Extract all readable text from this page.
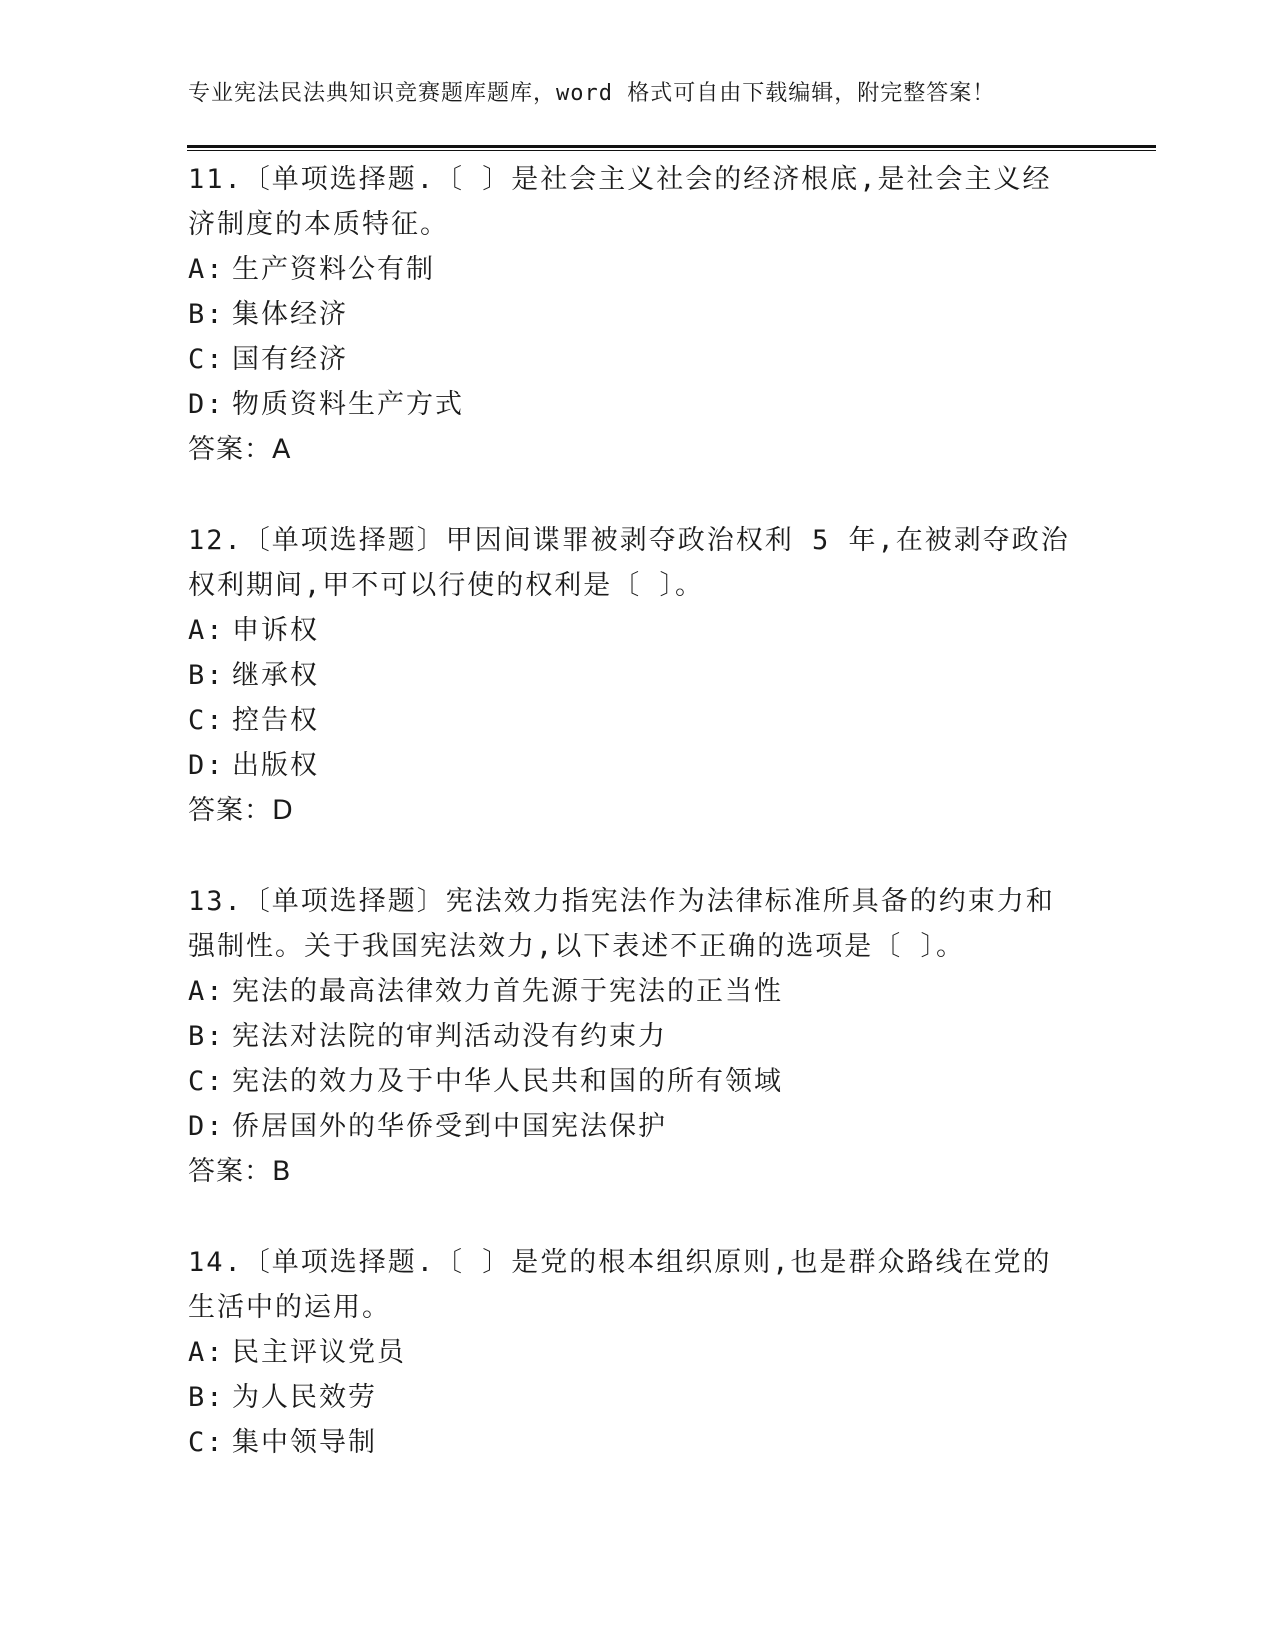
专业宪法民法典知识竞赛题库题库，word 格式可自由下载编辑，附完整答案！

11.〔单项选择题.〔 〕是社会主义社会的经济根底,是社会主义经济制度的本质特征。

A: 生产资料公有制
B: 集体经济
C: 国有经济
D: 物质资料生产方式
答案：A

12.〔单项选择题〕甲因间谍罪被剥夺政治权利 5 年,在被剥夺政治权利期间,甲不可以行使的权利是〔 〕。

A: 申诉权
B: 继承权
C: 控告权
D: 出版权
答案：D

13.〔单项选择题〕宪法效力指宪法作为法律标准所具备的约束力和强制性。关于我国宪法效力,以下表述不正确的选项是〔 〕。

A: 宪法的最高法律效力首先源于宪法的正当性
B: 宪法对法院的审判活动没有约束力
C: 宪法的效力及于中华人民共和国的所有领域
D: 侨居国外的华侨受到中国宪法保护
答案：B

14.〔单项选择题.〔 〕是党的根本组织原则,也是群众路线在党的生活中的运用。

A: 民主评议党员
B: 为人民效劳
C: 集中领导制
